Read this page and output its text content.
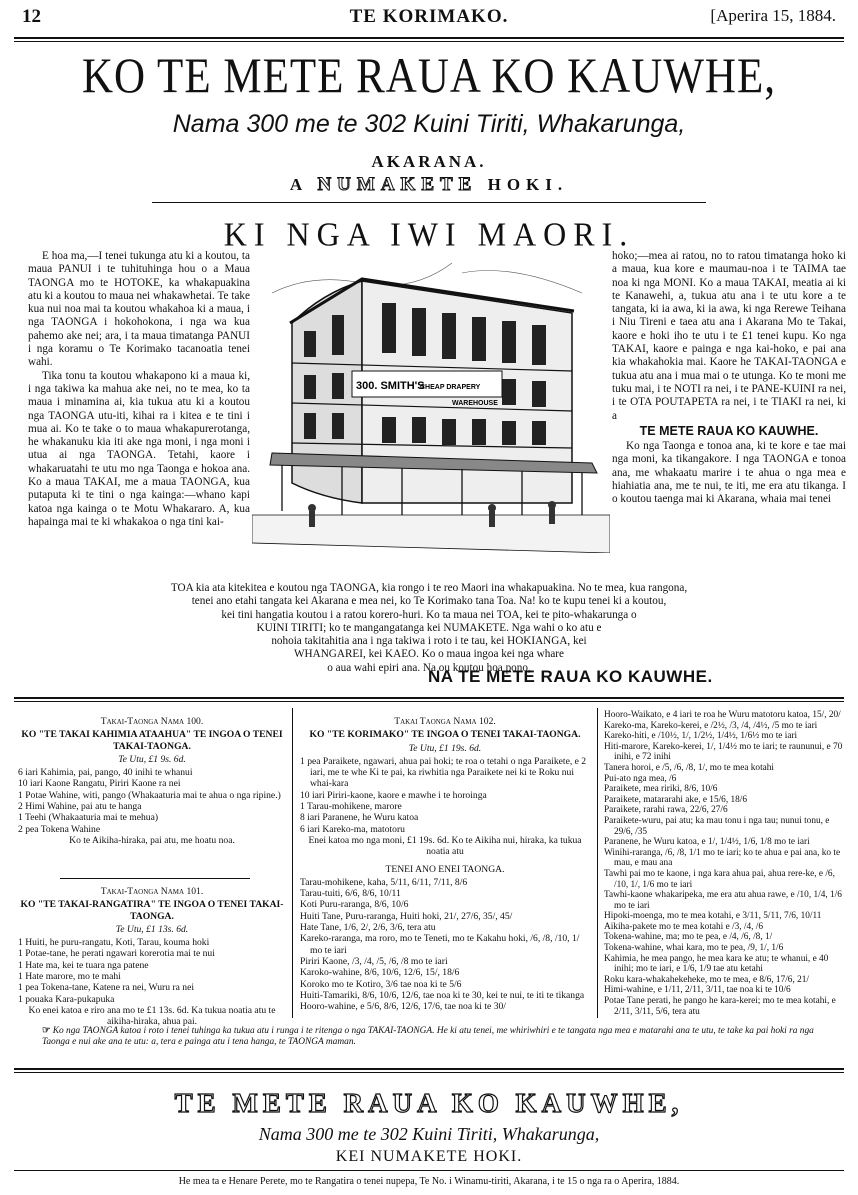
12	TE KORIMAKO.	[Aperira 15, 1884.
KO TE METE RAUA KO KAUWHE,
Nama 300 me te 302 Kuini Tiriti, Whakarunga,
AKARANA.
A NUMAKETE HOKI.
KI NGA IWI MAORI.

E hoa ma,—I tenei tukunga atu ki a koutou, ta maua PANUI i te tuhituhinga hou o a Maua TAONGA mo te HOTOKE, ka whakapuakina atu ki a koutou to maua nei whakawhetai. Te take kua nui noa mai ta koutou whakahoa ki a maua, i nga TAONGA i hokohokona, i nga wa kua pahemo ake nei; ara, i ta maua timatanga PANUI i nga koramu o Te Korimako tacanoatia tenei wahi.

Tika tonu ta koutou whakapono ki a maua ki, i nga takiwa ka mahua ake nei, no te mea, ko ta maua i minamina ai, kia tukua atu ki a koutou nga TAONGA utu-iti, kihai ra i kitea e te tini i mua ai. Ko te take o to maua whakapurerotanga, he whakanuku kia iti ake nga moni, i nga moni i utua ai nga TAONGA. Tetahi, kaore i whakaruatahi te utu mo nga Taonga e hokoa ana. Ko a maua TAKAI, me a maua TAONGA, kua putaputa ki te tini o nga kainga:—whano kapi katoa nga kainga o te Motu Whakararo. A, kua hapainga mai te ki whakakoa o nga tini kai-

300. SMITH'S
CHEAP DRAPERY
WAREHOUSE

hoko;—mea ai ratou, no to ratou timatanga hoko ki a maua, kua kore e maumau-noa i te TAIMA tae noa ki nga MONI. Ko a maua TAKAI, meatia ai ki te Kanawehi, a, tukua atu ana i te utu kore a te tangata, ki ia awa, ki ia awa, ki nga Rerewe Teihana i Niu Tireni e taea atu ana i Akarana Mo te Takai, kaore e hoki iho te utu i te £1 tenei kupu. Ko nga TAKAI, kaore e painga e nga kai-hoko, e pai ana kia whakahokia mai. Kaore he TAKAI-TAONGA e tukua atu ana i mua mai o te utunga. Ko te moni me tuku mai, i te NOTI ra nei, i te PANE-KUINI ra nei, i te OTA POUTAPETA ra nei, i te TIAKI ra nei, ki a

TE METE RAUA KO KAUWHE.

Ko nga Taonga e tonoa ana, ki te kore e tae mai nga moni, ka tikangakore. I nga TAONGA e tonoa ana, me whakaatu marire i te ahua o nga mea e hiahiatia ana, me te nui, te iti, me era atu tikanga. I o koutou taenga mai ki Akarana, whaia mai tenei

TOA kia ata kitekitea e koutou nga TAONGA, kia rongo i te reo Maori ina whakapuakina. No te mea, kua rangona,
tenei ano etahi tangata kei Akarana e mea nei, ko Te Korimako tana Toa. Na! ko te kupu tenei ki a koutou,
kei tini hangatia koutou i a ratou korero-huri. Ko ta maua nei TOA, kei te pito-whakarunga o
KUINI TIRITI; ko te mangangatanga kei NUMAKETE. Nga wahi o ko atu e
nohoia takitahitia ana i nga takiwa i roto i te tau, kei HOKIANGA, kei
WHANGAREI, kei KAEO. Ko o maua ingoa kei nga whare
o aua wahi epiri ana. Na ou koutou hoa pono,
NA TE METE RAUA KO KAUWHE.
Takai-Taonga Nama 100.
KO "TE TAKAI KAHIMIA ATAAHUA" TE INGOA O TENEI TAKAI-TAONGA.
Te Utu, £1 9s. 6d.
6 iari Kahimia, pai, pango, 40 inihi te whanui
10 iari Kaone Rangatu, Piriri Kaone ra nei
1 Potae Wahine, witi, pango (Whakaaturia mai te ahua o nga ripine.)
2 Himi Wahine, pai atu te hanga
1 Teehi (Whakaaturia mai te mehua)
2 pea Tokena Wahine
Ko te Aikiha-hiraka, pai atu, me hoatu noa.
Takai-Taonga Nama 101.
KO "TE TAKAI-RANGATIRA" TE INGOA O TENEI TAKAI-TAONGA.
Te Utu, £1 13s. 6d.
1 Huiti, he puru-rangatu, Koti, Tarau, kouma hoki
1 Potae-tane, he perati ngawari korerotia mai te nui
1 Hate ma, kei te tuara nga patene
1 Hate marore, mo te mahi
1 pea Tokena-tane, Katene ra nei, Wuru ra nei
1 pouaka Kara-pukapuka
Ko enei katoa e riro ana mo te £1 13s. 6d. Ka tukua noatia atu te aikiha-hiraka, ahua pai.
Takai Taonga Nama 102.
KO "TE KORIMAKO" TE INGOA O TENEI TAKAI-TAONGA.
Te Utu, £1 19s. 6d.
1 pea Paraikete, ngawari, ahua pai hoki; te roa o tetahi o nga Paraikete, e 2 iari, me te whe Ki te pai, ka riwhitia nga Paraikete nei ki te Roku nui whai-kara
10 iari Piriri-kaone, kaore e mawhe i te horoinga
1 Tarau-mohikene, marore
8 iari Paranene, he Wuru katoa
6 iari Kareko-ma, matotoru
Enei katoa mo nga moni, £1 19s. 6d. Ko te Aikiha nui, hiraka, ka tukua noatia atu
TENEI ANO ENEI TAONGA.
Tarau-mohikene, kaha, 5/11, 6/11, 7/11, 8/6
Tarau-tuiti, 6/6, 8/6, 10/11
Koti Puru-raranga, 8/6, 10/6
Huiti Tane, Puru-raranga, Huiti hoki, 21/, 27/6, 35/, 45/
Hate Tane, 1/6, 2/, 2/6, 3/6, tera atu
Kareko-raranga, ma roro, mo te Teneti, mo te Kakahu hoki, /6, /8, /10, 1/ mo te iari
Piriri Kaone, /3, /4, /5, /6, /8 mo te iari
Karoko-wahine, 8/6, 10/6, 12/6, 15/, 18/6
Koroko mo te Kotiro, 3/6 tae noa ki te 5/6
Huiti-Tamariki, 8/6, 10/6, 12/6, tae noa ki te 30, kei te nui, te iti te tikanga
Hooro-wahine, e 5/6, 8/6, 12/6, 17/6, tae noa ki te 30/
Hooro-Waikato, e 4 iari te roa he Wuru matotoru katoa, 15/, 20/
Kareko-ma, Kareko-kerei, e /2½, /3, /4, /4½, /5 mo te iari
Kareko-hiti, e /10½, 1/, 1/2½, 1/4½, 1/6½ mo te iari
Hiti-marore, Kareko-kerei, 1/, 1/4½ mo te iari; te raununui, e 70 inihi, e 72 inihi
Tanera horoi, e /5, /6, /8, 1/, mo te mea kotahi
Pui-ato nga mea, /6
Paraikete, mea ririki, 8/6, 10/6
Paraikete, matararahi ake, e 15/6, 18/6
Paraikete, rarahi rawa, 22/6, 27/6
Paraikete-wuru, pai atu; ka mau tonu i nga tau; nunui tonu, e 29/6, /35
Paranene, he Wuru katoa, e 1/, 1/4½, 1/6, 1/8 mo te iari
Winihi-raranga, /6, /8, 1/1 mo te iari; ko te ahua e pai ana, ko te mau, e mau ana
Tawhi pai mo te kaone, i nga kara ahua pai, ahua rere-ke, e /6, /10, 1/, 1/6 mo te iari
Tawhi-kaone whakaripeka, me era atu ahua rawe, e /10, 1/4, 1/6 mo te iari
Hipoki-moenga, mo te mea kotahi, e 3/11, 5/11, 7/6, 10/11
Aikiha-pakete mo te mea kotahi e /3, /4, /6
Tokena-wahine, ma; mo te pea, e /4, /6, /8, 1/
Tokena-wahine, whai kara, mo te pea, /9, 1/, 1/6
Kahimia, he mea pango, he mea kara ke atu; te whanui, e 40 inihi; mo te iari, e 1/6, 1/9 tae atu ketahi
Roku kara-whakahekeheke, mo te mea, e 8/6, 17/6, 21/
Himi-wahine, e 1/11, 2/11, 3/11, tae noa ki te 10/6
Potae Tane perati, he pango he kara-kerei; mo te mea kotahi, e 2/11, 3/11, 5/6, tera atu
☞ Ko nga TAONGA katoa i roto i tenei tuhinga ka tukua atu i runga i te ritenga o nga TAKAI-TAONGA. He ki atu tenei, me whiriwhiri e te tangata nga mea e matarahi ana te utu, te take ka pai hoki ra nga Taonga e nui ake ana te utu: a, tera e painga atu i tena hanga, te TAONGA maman.
TE METE RAUA KO KAUWHE,
Nama 300 me te 302 Kuini Tiriti, Whakarunga,
KEI NUMAKETE HOKI.
He mea ta e Henare Perete, mo te Rangatira o tenei nupepa, Te No. i Winamu-tiriti, Akarana, i te 15 o nga ra o Aperira, 1884.
